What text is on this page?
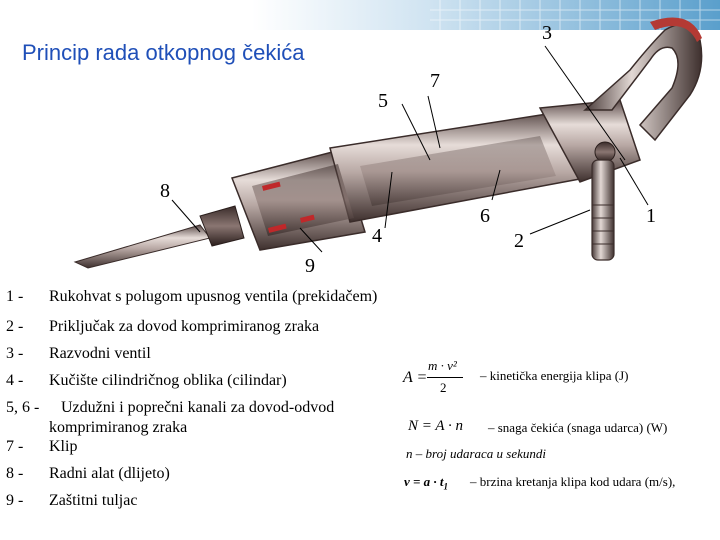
Princip rada otkopnog čekića
3
7
5
8
6
4	2
1
9
1 - Rukohvat s polugom upusnog ventila (prekidačem)
2 - Priključak za dovod komprimiranog zraka
3 - Razvodni ventil
4 - Kučište cilindričnog oblika (cilindar)
5, 6 - Uzdužni i poprečni kanali za dovod-odvod
komprimiranog zraka
7 - Klip
8 - Radni alat (dlijeto)
9 - Zaštitni tuljac
A =
m · v²
2
– kinetička energija klipa (J)
N = A · n – snaga čekića (snaga udarca) (W)
n – broj udaraca u sekundi
$v = a \cdot t_1$ – brzina kretanja klipa kod udara (m/s),
